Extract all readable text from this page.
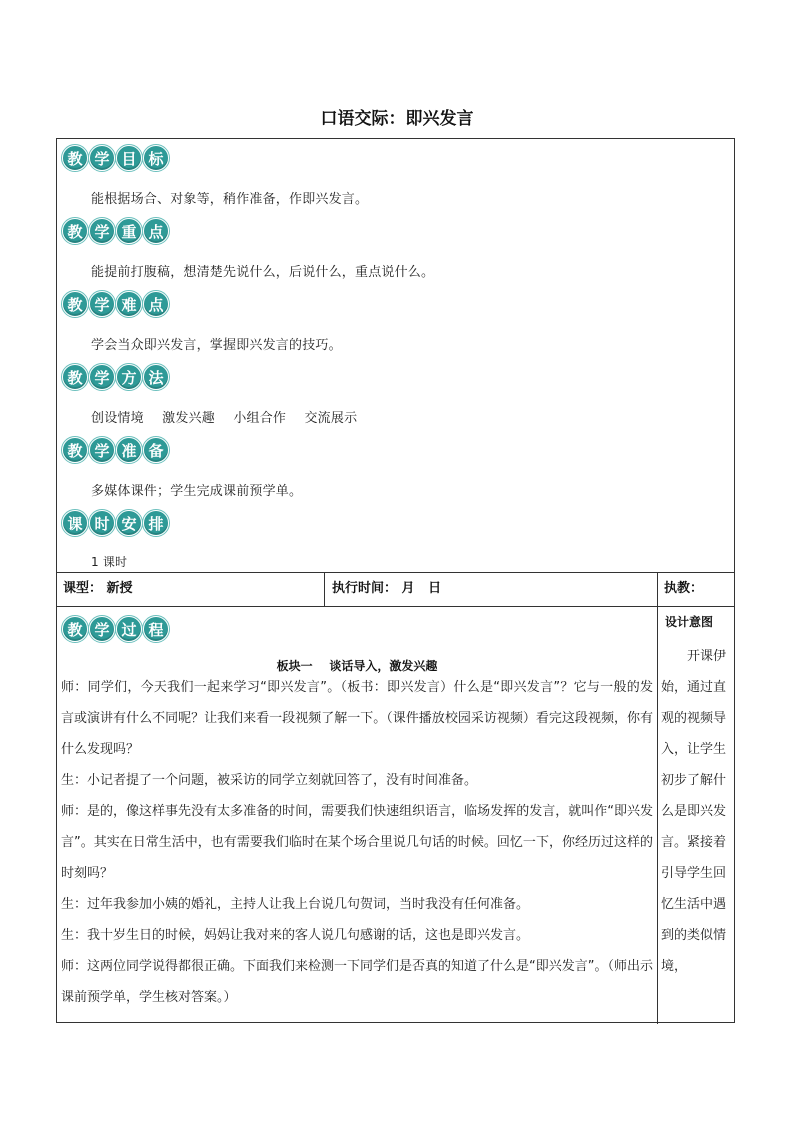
口语交际：即兴发言
教 学 目 标
能根据场合、对象等，稍作准备，作即兴发言。
教 学 重 点
能提前打腹稿，想清楚先说什么，后说什么，重点说什么。
教 学 难 点
学会当众即兴发言，掌握即兴发言的技巧。
教 学 方 法
创设情境 激发兴趣 小组合作 交流展示
教 学 准 备
多媒体课件；学生完成课前预学单。
课 时 安 排
1 课时
课型： 新授	执行时间： 月   日	执教：
教 学 过 程
板块一    谈话导入，激发兴趣

师：同学们，今天我们一起来学习“即兴发言”。（板书：即兴发言）什么是“即兴发言”？它与一般的发言或演讲有什么不同呢？让我们来看一段视频了解一下。（课件播放校园采访视频）看完这段视频，你有什么发现吗？

生：小记者提了一个问题，被采访的同学立刻就回答了，没有时间准备。

师：是的，像这样事先没有太多准备的时间，需要我们快速组织语言，临场发挥的发言，就叫作“即兴发言”。其实在日常生活中，也有需要我们临时在某个场合里说几句话的时候。回忆一下，你经历过这样的时刻吗？

生：过年我参加小姨的婚礼，主持人让我上台说几句贺词，当时我没有任何准备。

生：我十岁生日的时候，妈妈让我对来的客人说几句感谢的话，这也是即兴发言。

师：这两位同学说得都很正确。下面我们来检测一下同学们是否真的知道了什么是“即兴发言”。（师出示课前预学单，学生核对答案。）

设计意图
开课伊始，通过直观的视频导入，让学生初步了解什么是即兴发言。紧接着引导学生回忆生活中遇到的类似情境，
